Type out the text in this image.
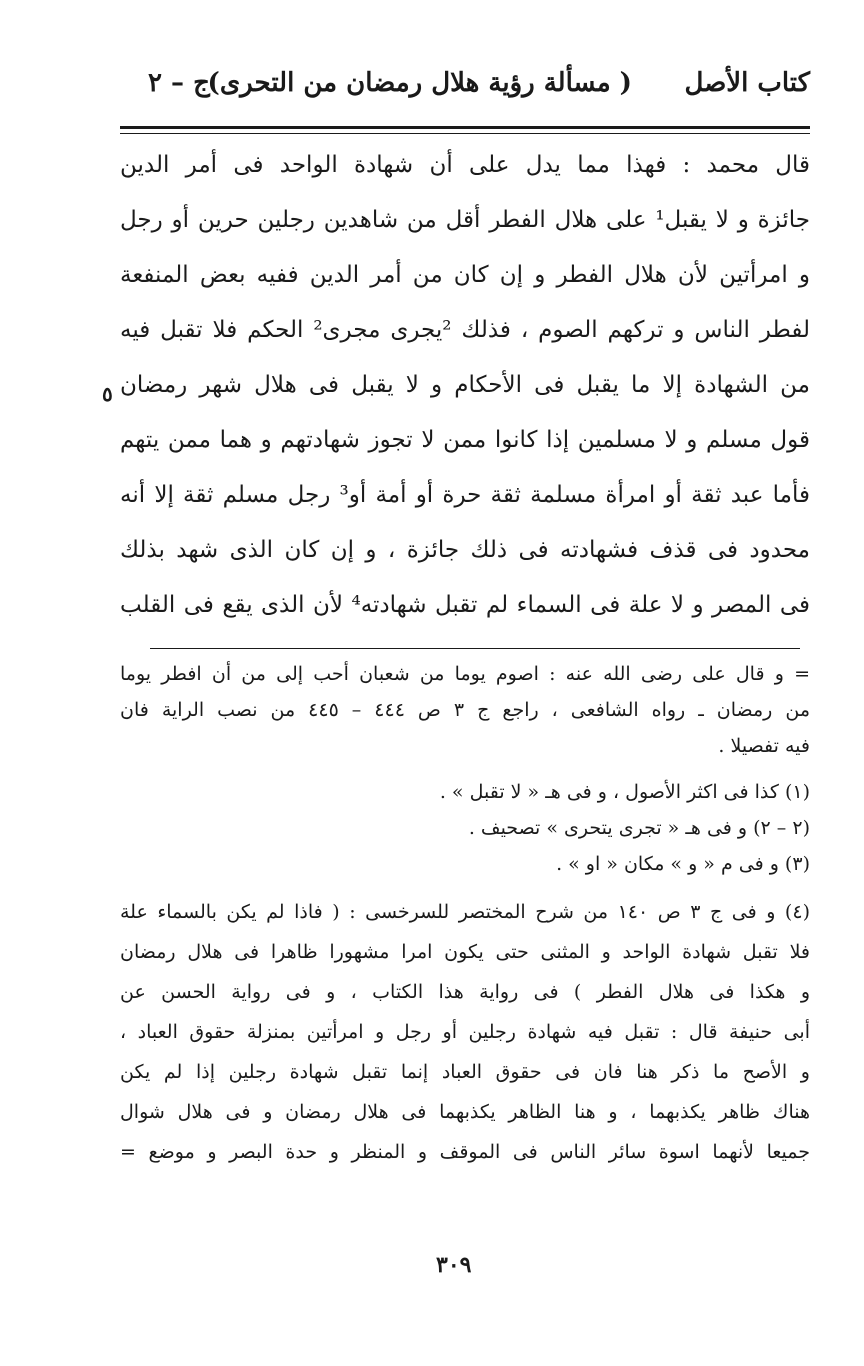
كتاب الأصل
( مسألة رؤية هلال رمضان من التحرى)
ج – ٢
قال محمد : فهذا مما يدل على أن شهادة الواحد فى أمر الدين
جائزة و لا يقبل¹ على هلال الفطر أقل من شاهدين رجلين حرين أو رجل
و امرأتين لأن هلال الفطر و إن كان من أمر الدين ففيه بعض المنفعة
لفطر الناس و تركهم الصوم ، فذلك ²يجرى مجرى² الحكم فلا تقبل فيه
من الشهادة إلا ما يقبل فى الأحكام و لا يقبل فى هلال شهر رمضان
قول مسلم و لا مسلمين إذا كانوا ممن لا تجوز شهادتهم و هما ممن يتهم
فأما عبد ثقة أو امرأة مسلمة ثقة حرة أو أمة أو³ رجل مسلم ثقة إلا أنه
محدود فى قذف فشهادته فى ذلك جائزة ، و إن كان الذى شهد بذلك
فى المصر و لا علة فى السماء لم تقبل شهادته⁴ لأن الذى يقع فى القلب
٥
= و قال على رضى الله عنه : اصوم يوما من شعبان أحب إلى من أن افطر يوما
من رمضان ـ رواه الشافعى ، راجع ج ٣ ص ٤٤٤ – ٤٤٥ من نصب الراية فان
فيه تفصيلا .
(١) كذا فى اكثر الأصول ، و فى هـ « لا تقبل » .
(٢ – ٢) و فى هـ « تجرى يتحرى » تصحيف .
(٣) و فى م « و » مكان « او » .
(٤) و فى ج ٣ ص ١٤٠ من شرح المختصر للسرخسى : ( فاذا لم يكن بالسماء علة
فلا تقبل شهادة الواحد و المثنى حتى يكون امرا مشهورا ظاهرا فى هلال رمضان
و هكذا فى هلال الفطر ) فى رواية هذا الكتاب ، و فى رواية الحسن عن
أبى حنيفة قال : تقبل فيه شهادة رجلين أو رجل و امرأتين بمنزلة حقوق العباد ،
و الأصح ما ذكر هنا فان فى حقوق العباد إنما تقبل شهادة رجلين إذا لم يكن
هناك ظاهر يكذبهما ، و هنا الظاهر يكذبهما فى هلال رمضان و فى هلال شوال
جميعا لأنهما اسوة سائر الناس فى الموقف و المنظر و حدة البصر و موضع =
٣٠٩
